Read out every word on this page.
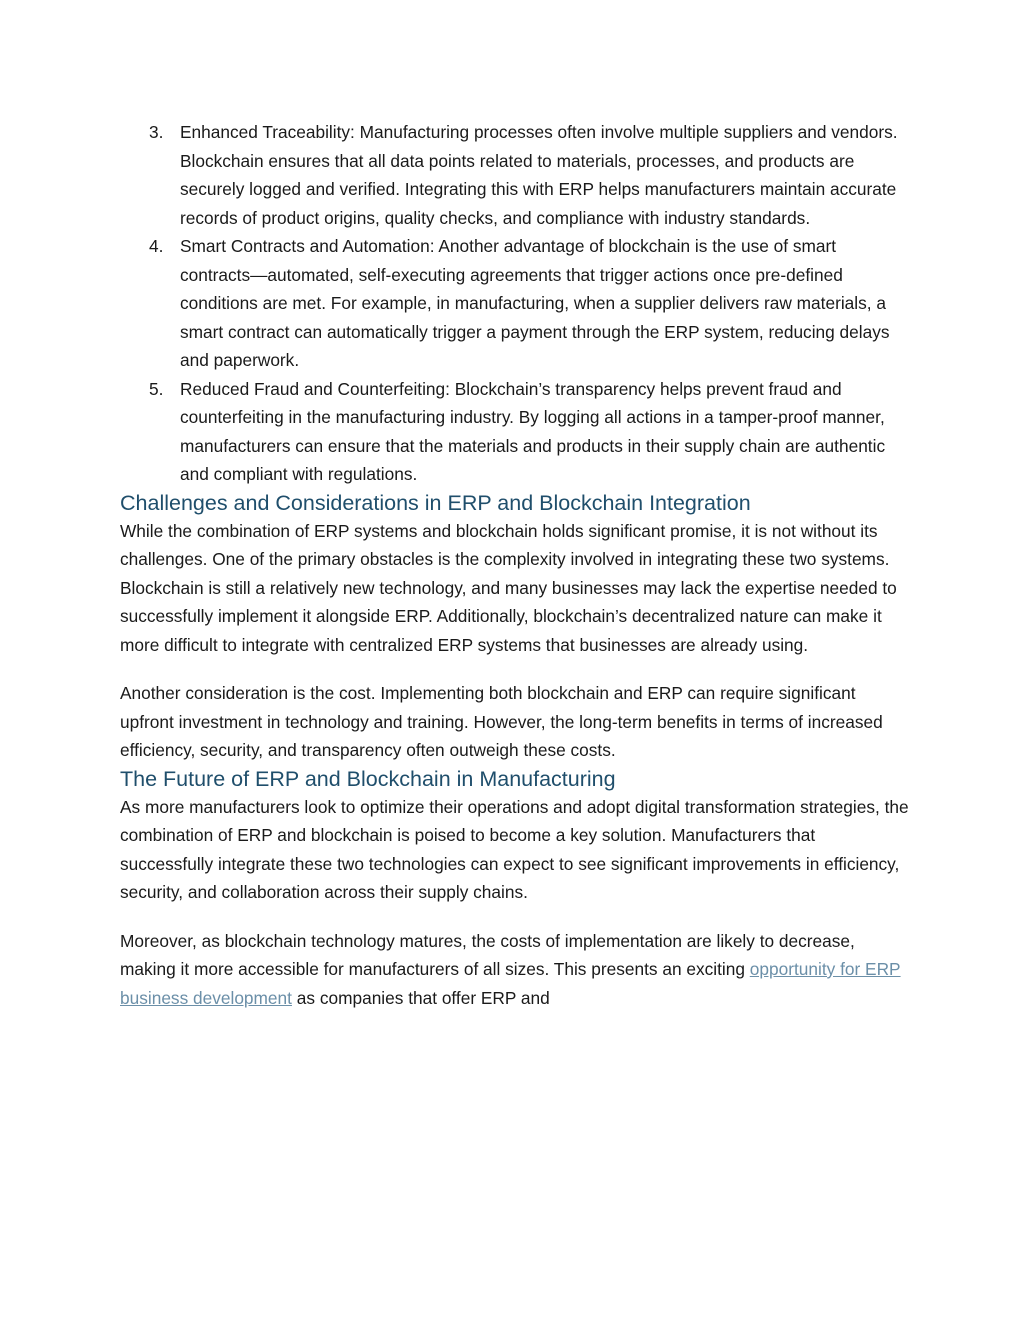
3. Enhanced Traceability: Manufacturing processes often involve multiple suppliers and vendors. Blockchain ensures that all data points related to materials, processes, and products are securely logged and verified. Integrating this with ERP helps manufacturers maintain accurate records of product origins, quality checks, and compliance with industry standards.
4. Smart Contracts and Automation: Another advantage of blockchain is the use of smart contracts—automated, self-executing agreements that trigger actions once pre-defined conditions are met. For example, in manufacturing, when a supplier delivers raw materials, a smart contract can automatically trigger a payment through the ERP system, reducing delays and paperwork.
5. Reduced Fraud and Counterfeiting: Blockchain’s transparency helps prevent fraud and counterfeiting in the manufacturing industry. By logging all actions in a tamper-proof manner, manufacturers can ensure that the materials and products in their supply chain are authentic and compliant with regulations.
Challenges and Considerations in ERP and Blockchain Integration

While the combination of ERP systems and blockchain holds significant promise, it is not without its challenges. One of the primary obstacles is the complexity involved in integrating these two systems. Blockchain is still a relatively new technology, and many businesses may lack the expertise needed to successfully implement it alongside ERP. Additionally, blockchain’s decentralized nature can make it more difficult to integrate with centralized ERP systems that businesses are already using.

Another consideration is the cost. Implementing both blockchain and ERP can require significant upfront investment in technology and training. However, the long-term benefits in terms of increased efficiency, security, and transparency often outweigh these costs.

The Future of ERP and Blockchain in Manufacturing

As more manufacturers look to optimize their operations and adopt digital transformation strategies, the combination of ERP and blockchain is poised to become a key solution. Manufacturers that successfully integrate these two technologies can expect to see significant improvements in efficiency, security, and collaboration across their supply chains.

Moreover, as blockchain technology matures, the costs of implementation are likely to decrease, making it more accessible for manufacturers of all sizes. This presents an exciting opportunity for ERP business development as companies that offer ERP and
